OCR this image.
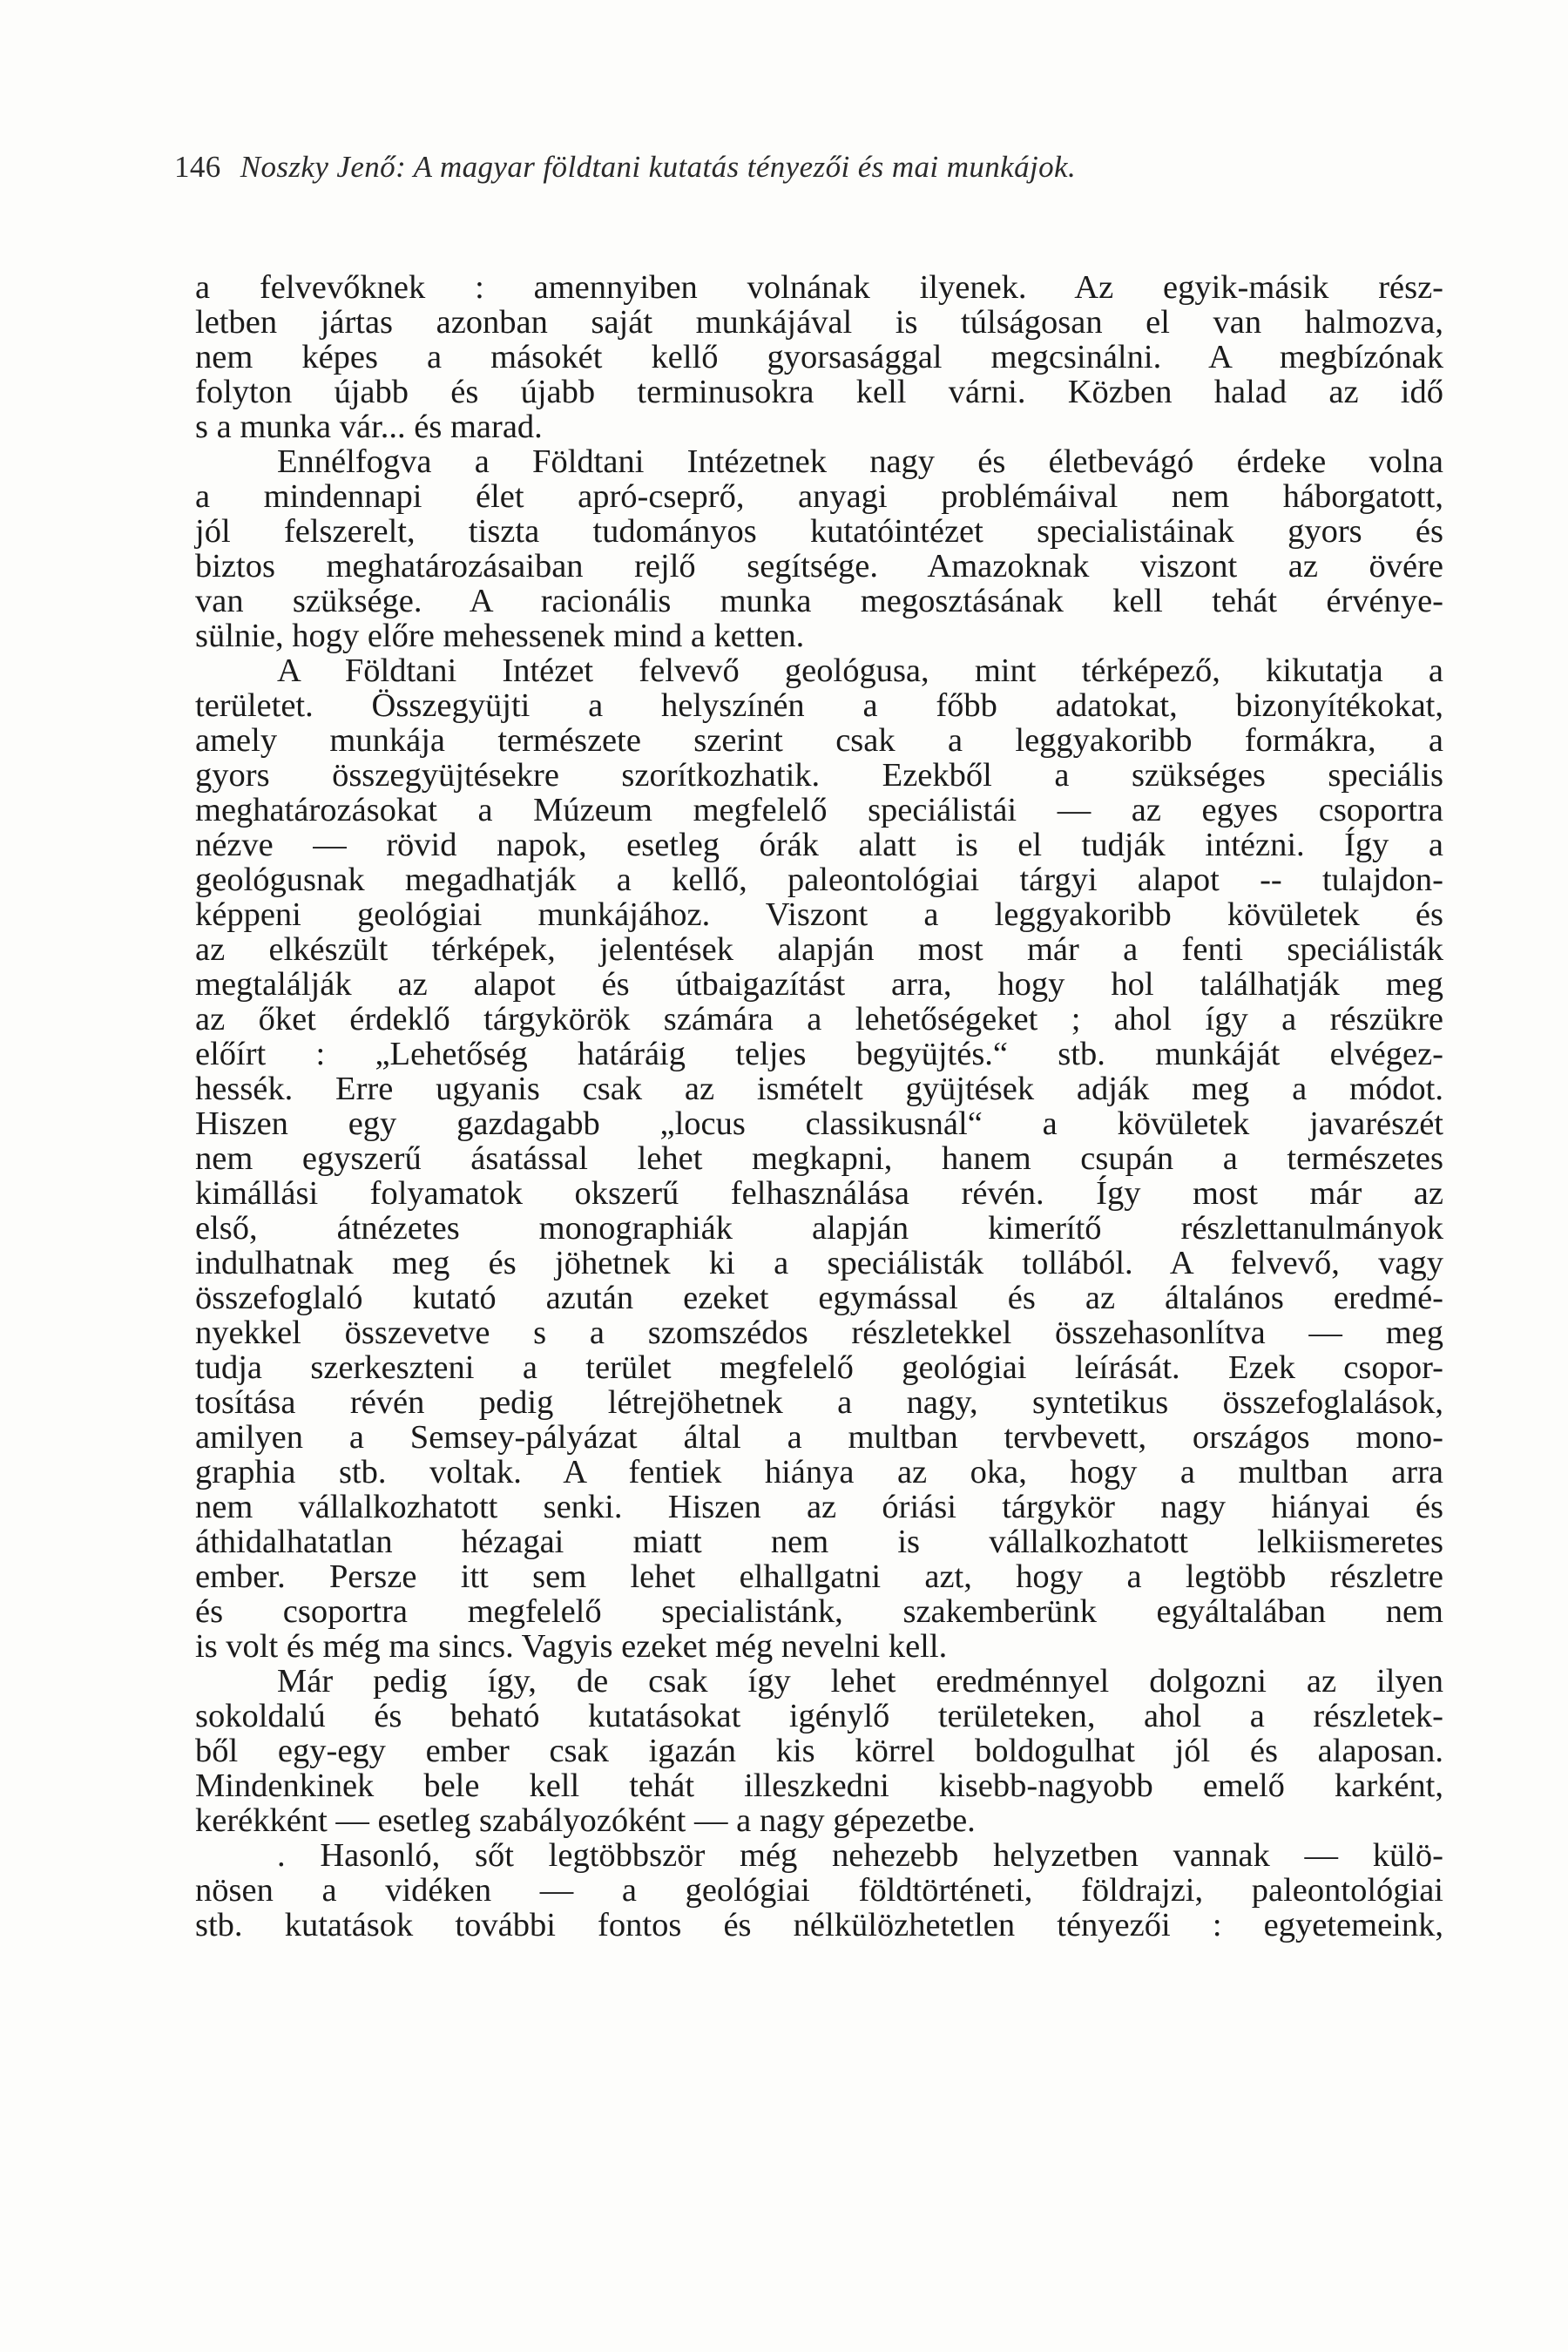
146 Noszky Jenő: A magyar földtani kutatás tényezői és mai munkájok.
a felvevőknek : amennyiben volnának ilyenek. Az egyik-másik rész-
letben jártas azonban saját munkájával is túlságosan el van halmozva,
nem képes a másokét kellő gyorsasággal megcsinálni. A megbízónak
folyton újabb és újabb terminusokra kell várni. Közben halad az idő
s a munka vár... és marad.
Ennélfogva a Földtani Intézetnek nagy és életbevágó érdeke volna
a mindennapi élet apró-cseprő, anyagi problémáival nem háborgatott,
jól felszerelt, tiszta tudományos kutatóintézet specialistáinak gyors és
biztos meghatározásaiban rejlő segítsége. Amazoknak viszont az övére
van szüksége. A racionális munka megosztásának kell tehát érvénye-
sülnie, hogy előre mehessenek mind a ketten.
A Földtani Intézet felvevő geológusa, mint térképező, kikutatja a
területet. Összegyüjti a helyszínén a főbb adatokat, bizonyítékokat,
amely munkája természete szerint csak a leggyakoribb formákra, a
gyors összegyüjtésekre szorítkozhatik. Ezekből a szükséges speciális
meghatározásokat a Múzeum megfelelő speciálistái — az egyes csoportra
nézve — rövid napok, esetleg órák alatt is el tudják intézni. Így a
geológusnak megadhatják a kellő, paleontológiai tárgyi alapot -- tulajdon-
képpeni geológiai munkájához. Viszont a leggyakoribb kövületek és
az elkészült térképek, jelentések alapján most már a fenti speciálisták
megtalálják az alapot és útbaigazítást arra, hogy hol találhatják meg
az őket érdeklő tárgykörök számára a lehetőségeket ; ahol így a részükre
előírt : „Lehetőség határáig teljes begyüjtés.“ stb. munkáját elvégez-
hessék. Erre ugyanis csak az ismételt gyüjtések adják meg a módot.
Hiszen egy gazdagabb „locus classikusnál“ a kövületek javarészét
nem egyszerű ásatással lehet megkapni, hanem csupán a természetes
kimállási folyamatok okszerű felhasználása révén. Így most már az
első, átnézetes monographiák alapján kimerítő részlettanulmányok
indulhatnak meg és jöhetnek ki a speciálisták tollából. A felvevő, vagy
összefoglaló kutató azután ezeket egymással és az általános eredmé-
nyekkel összevetve s a szomszédos részletekkel összehasonlítva — meg
tudja szerkeszteni a terület megfelelő geológiai leírását. Ezek csopor-
tosítása révén pedig létrejöhetnek a nagy, syntetikus összefoglalások,
amilyen a Semsey-pályázat által a multban tervbevett, országos mono-
graphia stb. voltak. A fentiek hiánya az oka, hogy a multban arra
nem vállalkozhatott senki. Hiszen az óriási tárgykör nagy hiányai és
áthidalhatatlan hézagai miatt nem is vállalkozhatott lelkiismeretes
ember. Persze itt sem lehet elhallgatni azt, hogy a legtöbb részletre
és csoportra megfelelő specialistánk, szakemberünk egyáltalában nem
is volt és még ma sincs. Vagyis ezeket még nevelni kell.
Már pedig így, de csak így lehet eredménnyel dolgozni az ilyen
sokoldalú és beható kutatásokat igénylő területeken, ahol a részletek-
ből egy-egy ember csak igazán kis körrel boldogulhat jól és alaposan.
Mindenkinek bele kell tehát illeszkedni kisebb-nagyobb emelő karként,
kerékként — esetleg szabályozóként — a nagy gépezetbe.
. Hasonló, sőt legtöbbször még nehezebb helyzetben vannak — külö-
nösen a vidéken — a geológiai földtörténeti, földrajzi, paleontológiai
stb. kutatások további fontos és nélkülözhetetlen tényezői : egyetemeink,
